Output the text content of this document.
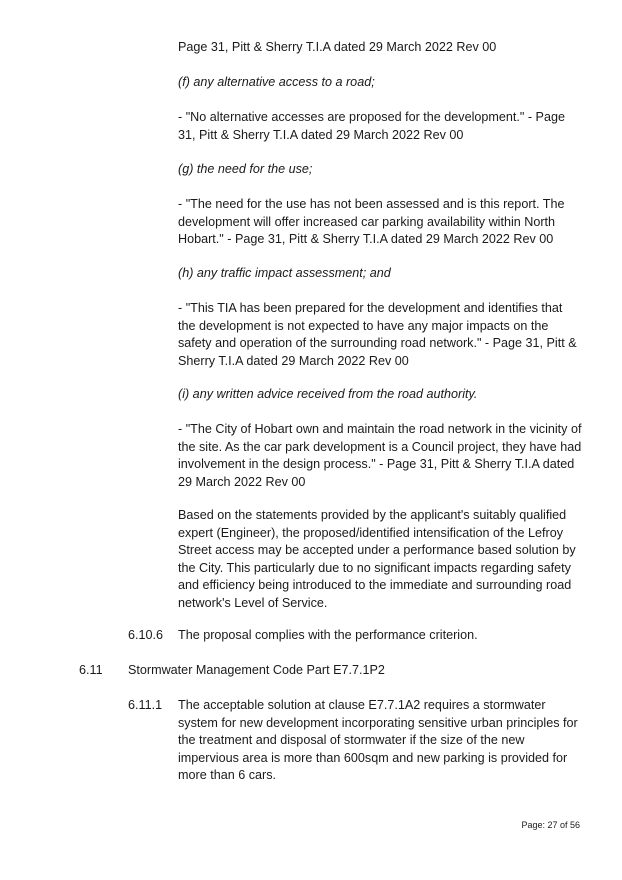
Page 31, Pitt & Sherry T.I.A dated 29 March 2022 Rev 00

(f) any alternative access to a road;

- "No alternative accesses are proposed for the development." - Page 31, Pitt & Sherry T.I.A dated 29 March 2022 Rev 00

(g) the need for the use;

- "The need for the use has not been assessed and is this report. The development will offer increased car parking availability within North Hobart." - Page 31, Pitt & Sherry T.I.A dated 29 March 2022 Rev 00

(h) any traffic impact assessment; and

- "This TIA has been prepared for the development and identifies that the development is not expected to have any major impacts on the safety and operation of the surrounding road network." - Page 31, Pitt & Sherry T.I.A dated 29 March 2022 Rev 00

(i) any written advice received from the road authority.

- "The City of Hobart own and maintain the road network in the vicinity of the site. As the car park development is a Council project, they have had involvement in the design process." - Page 31, Pitt & Sherry T.I.A dated 29 March 2022 Rev 00

Based on the statements provided by the applicant's suitably qualified expert (Engineer), the proposed/identified intensification of the Lefroy Street access may be accepted under a performance based solution by the City. This particularly due to no significant impacts regarding safety and efficiency being introduced to the immediate and surrounding road network's Level of Service.

6.10.6 The proposal complies with the performance criterion.

6.11 Stormwater Management Code Part E7.7.1P2

6.11.1 The acceptable solution at clause E7.7.1A2 requires a stormwater system for new development incorporating sensitive urban principles for the treatment and disposal of stormwater if the size of the new impervious area is more than 600sqm and new parking is provided for more than 6 cars.

Page: 27 of 56
